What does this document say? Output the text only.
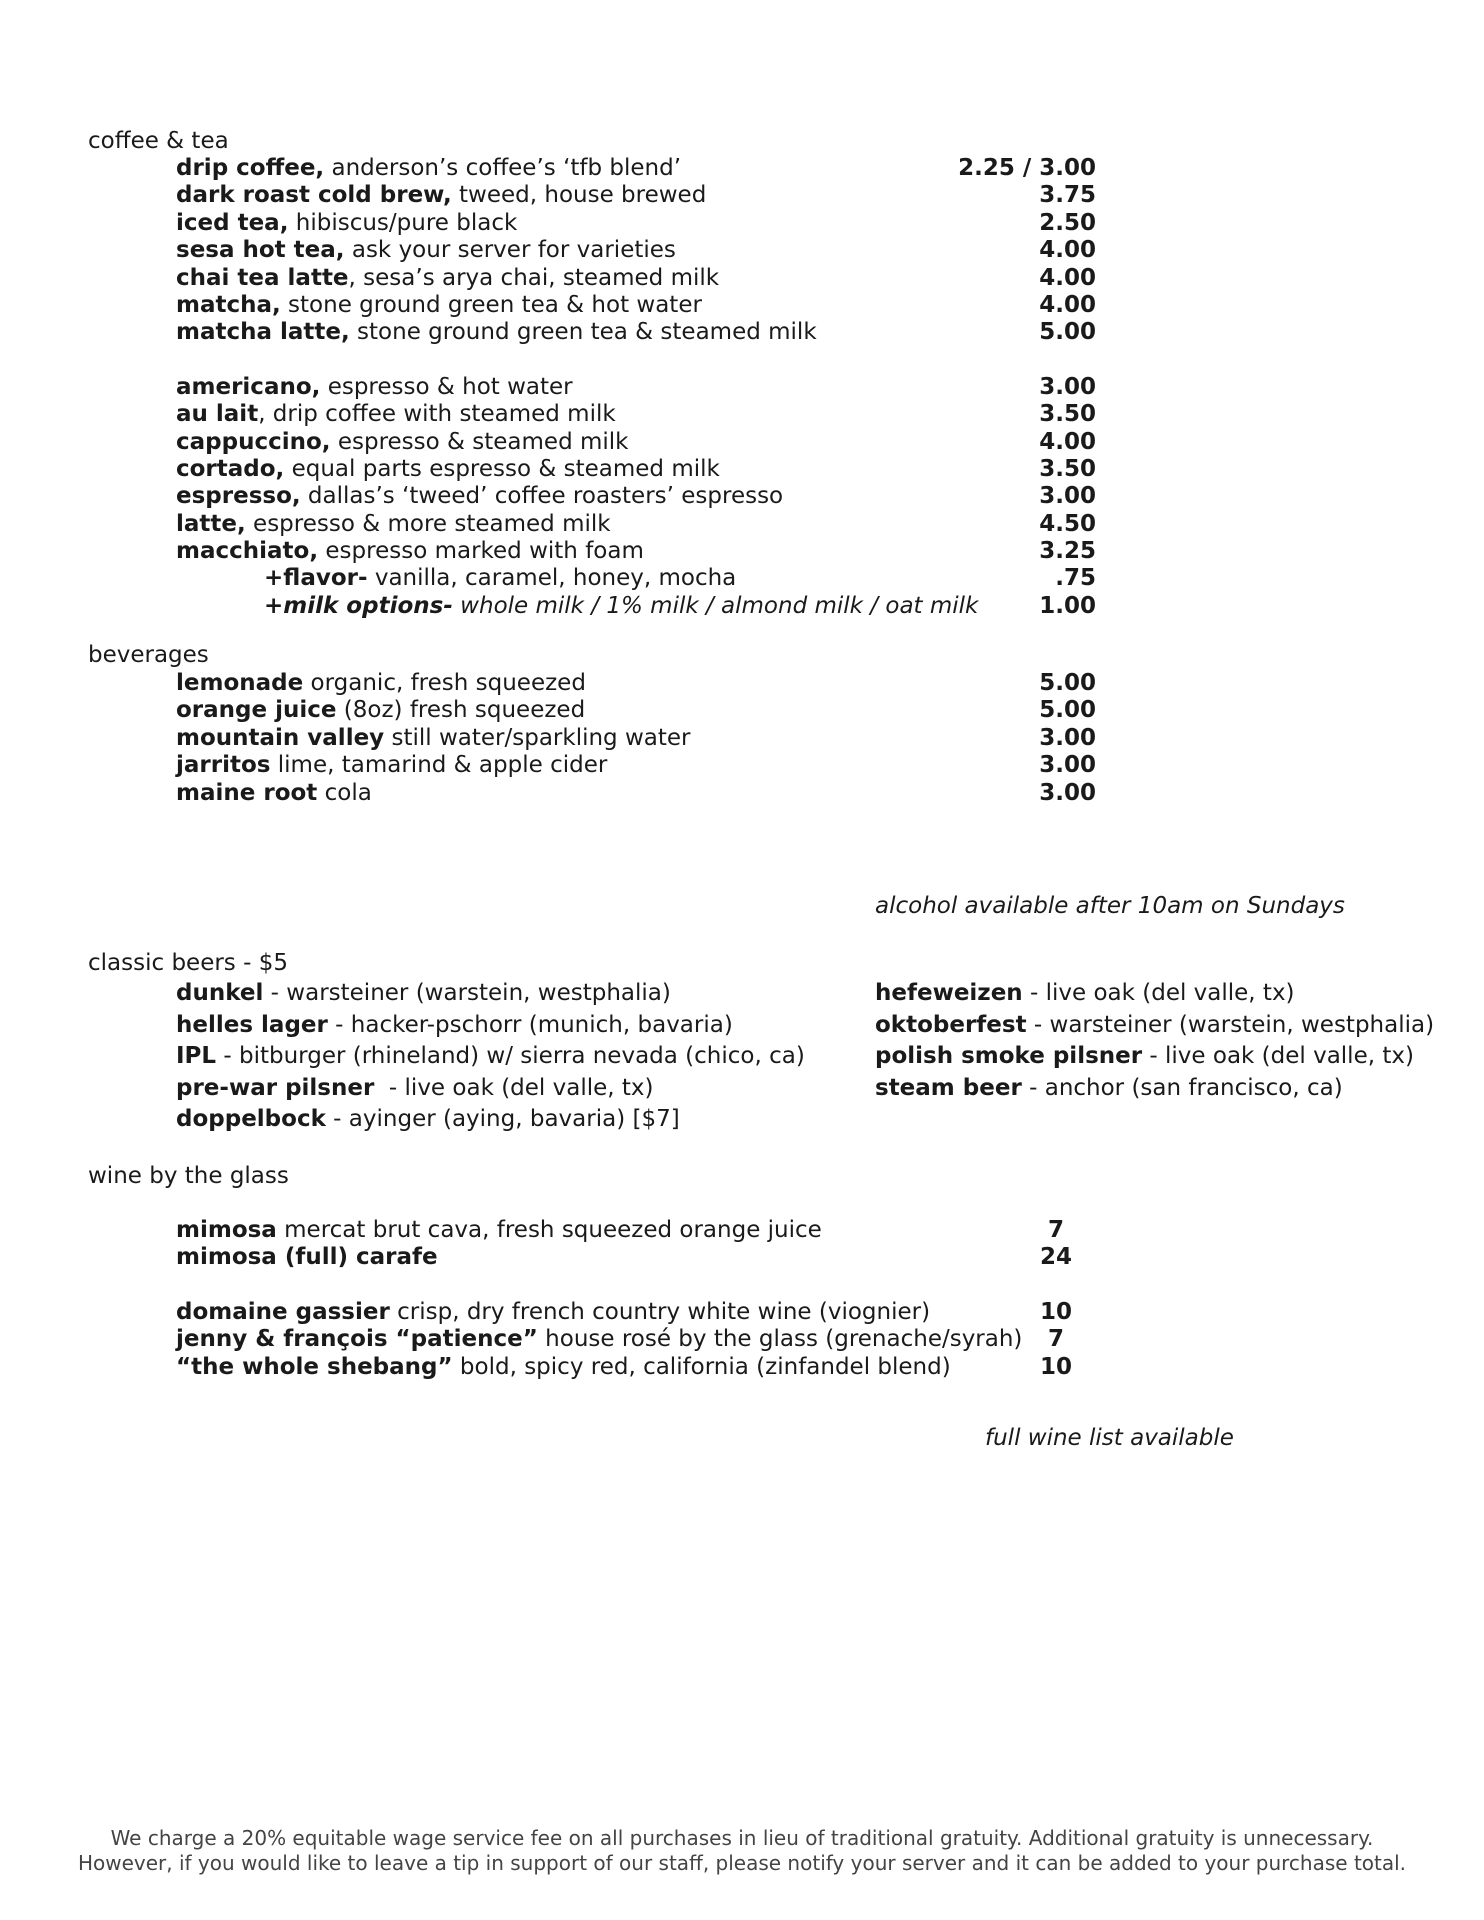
coffee & tea
drip coffee, anderson’s coffee’s ‘tfb blend’	2.25 / 3.00
dark roast cold brew, tweed, house brewed	3.75
iced tea, hibiscus/pure black	2.50
sesa hot tea, ask your server for varieties	4.00
chai tea latte, sesa’s arya chai, steamed milk	4.00
matcha, stone ground green tea & hot water	4.00
matcha latte, stone ground green tea & steamed milk	5.00
americano, espresso & hot water	3.00
au lait, drip coffee with steamed milk	3.50
cappuccino, espresso & steamed milk	4.00
cortado, equal parts espresso & steamed milk	3.50
espresso, dallas’s ‘tweed’ coffee roasters’ espresso	3.00
latte, espresso & more steamed milk	4.50
macchiato, espresso marked with foam	3.25
+flavor- vanilla, caramel, honey, mocha	.75
+milk options- whole milk / 1% milk / almond milk / oat milk	1.00
beverages
lemonade organic, fresh squeezed	5.00
orange juice (8oz) fresh squeezed	5.00
mountain valley still water/sparkling water	3.00
jarritos lime, tamarind & apple cider	3.00
maine root cola	3.00
alcohol available after 10am on Sundays
classic beers - $5
dunkel - warsteiner (warstein, westphalia)
helles lager - hacker-pschorr (munich, bavaria)
IPL - bitburger (rhineland) w/ sierra nevada (chico, ca)
pre-war pilsner  - live oak (del valle, tx)
doppelbock - ayinger (aying, bavaria) [$7]
hefeweizen - live oak (del valle, tx)
oktoberfest - warsteiner (warstein, westphalia)
polish smoke pilsner - live oak (del valle, tx)
steam beer - anchor (san francisco, ca)
wine by the glass
mimosa mercat brut cava, fresh squeezed orange juice	7
mimosa (full) carafe	24
domaine gassier crisp, dry french country white wine (viognier)	10
jenny & françois “patience” house rosé by the glass (grenache/syrah)	7
“the whole shebang” bold, spicy red, california (zinfandel blend)	10
full wine list available
We charge a 20% equitable wage service fee on all purchases in lieu of traditional gratuity. Additional gratuity is unnecessary.
However, if you would like to leave a tip in support of our staff, please notify your server and it can be added to your purchase total.
